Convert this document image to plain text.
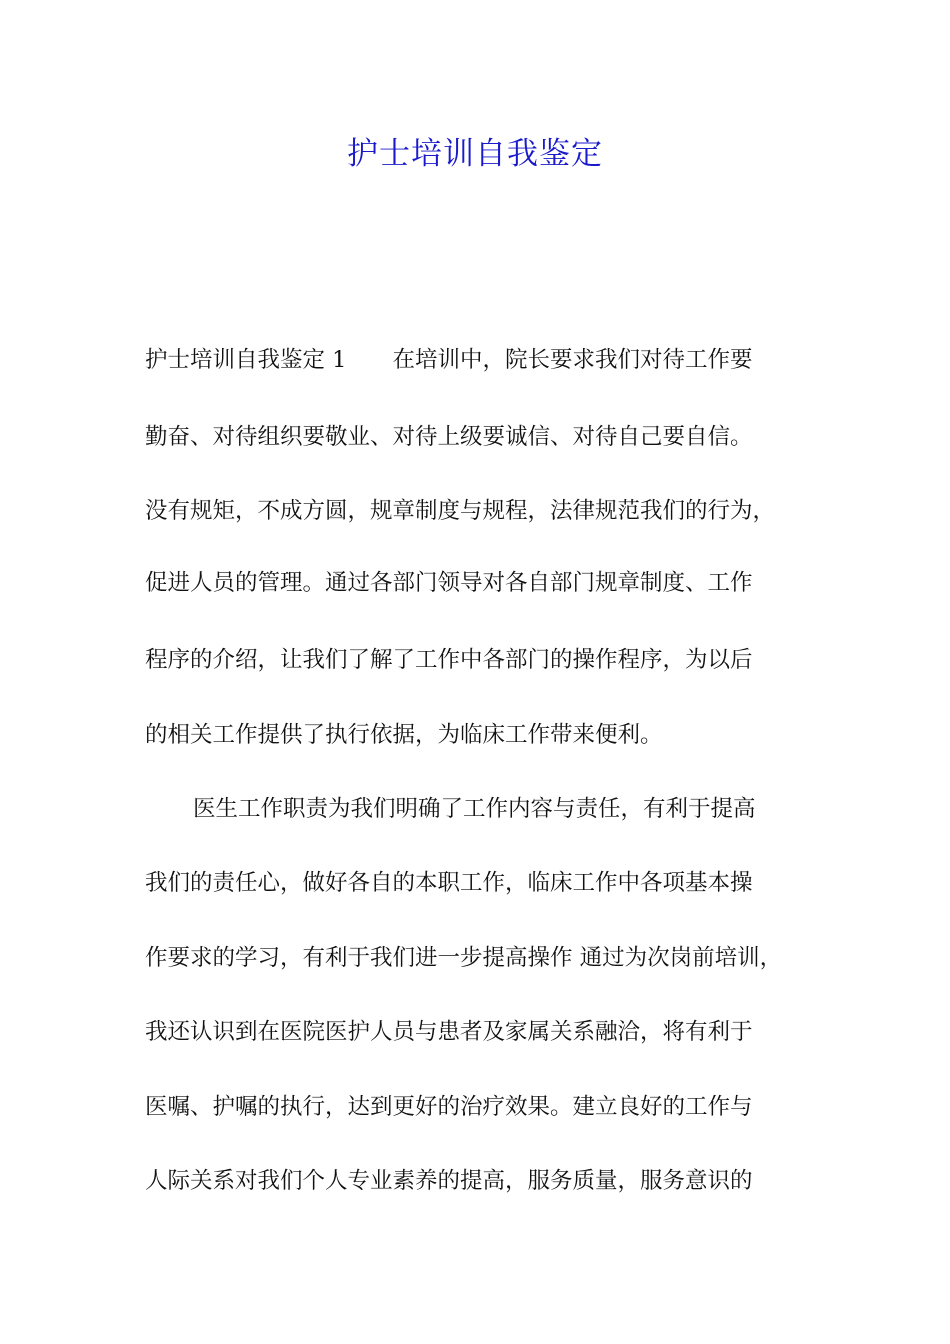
护士培训自我鉴定
护士培训自我鉴定 1 在培训中，院长要求我们对待工作要
勤奋、对待组织要敬业、对待上级要诚信、对待自己要自信。
没有规矩，不成方圆，规章制度与规程，法律规范我们的行为，
促进人员的管理。通过各部门领导对各自部门规章制度、工作
程序的介绍，让我们了解了工作中各部门的操作程序，为以后
的相关工作提供了执行依据，为临床工作带来便利。
医生工作职责为我们明确了工作内容与责任，有利于提高
我们的责任心，做好各自的本职工作，临床工作中各项基本操
作要求的学习，有利于我们进一步提高操作 通过为次岗前培训，
我还认识到在医院医护人员与患者及家属关系融洽，将有利于
医嘱、护嘱的执行，达到更好的治疗效果。建立良好的工作与
人际关系对我们个人专业素养的提高，服务质量，服务意识的
